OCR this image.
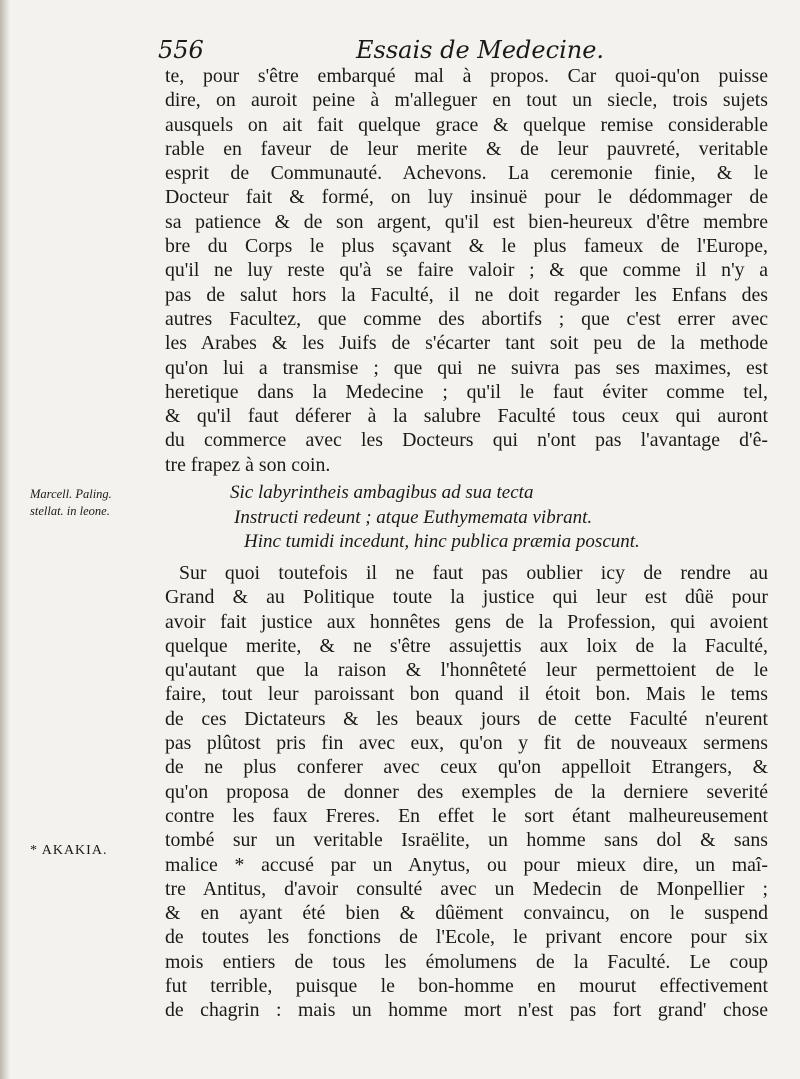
556	Essais de Medecine.
te, pour s'être embarqué mal à propos. Car quoi-qu'on puisse
dire, on auroit peine à m'alleguer en tout un siecle, trois sujets
ausquels on ait fait quelque grace & quelque remise considerable
rable en faveur de leur merite & de leur pauvreté, veritable
esprit de Communauté. Achevons. La ceremonie finie, & le
Docteur fait & formé, on luy insinuë pour le dédommager de
sa patience & de son argent, qu'il est bien-heureux d'être membre
bre du Corps le plus sçavant & le plus fameux de l'Europe,
qu'il ne luy reste qu'à se faire valoir ; & que comme il n'y a
pas de salut hors la Faculté, il ne doit regarder les Enfans des
autres Facultez, que comme des abortifs ; que c'est errer avec
les Arabes & les Juifs de s'écarter tant soit peu de la methode
qu'on lui a transmise ; que qui ne suivra pas ses maximes, est
heretique dans la Medecine ; qu'il le faut éviter comme tel,
& qu'il faut déferer à la salubre Faculté tous ceux qui auront
du commerce avec les Docteurs qui n'ont pas l'avantage d'ê-
tre frapez à son coin.
Marcell. Paling.
stellat. in leone.
Sic labyrintheis ambagibus ad sua tecta
Instructi redeunt ; atque Euthymemata vibrant.
Hinc tumidi incedunt, hinc publica præmia poscunt.
Sur quoi toutefois il ne faut pas oublier icy de rendre au
Grand & au Politique toute la justice qui leur est dûë pour
avoir fait justice aux honnêtes gens de la Profession, qui avoient
quelque merite, & ne s'être assujettis aux loix de la Faculté,
qu'autant que la raison & l'honnêteté leur permettoient de le
faire, tout leur paroissant bon quand il étoit bon. Mais le tems
de ces Dictateurs & les beaux jours de cette Faculté n'eurent
pas plûtost pris fin avec eux, qu'on y fit de nouveaux sermens
de ne plus conferer avec ceux qu'on appelloit Etrangers, &
qu'on proposa de donner des exemples de la derniere severité
contre les faux Freres. En effet le sort étant malheureusement
tombé sur un veritable Israëlite, un homme sans dol & sans
malice * accusé par un Anytus, ou pour mieux dire, un maî-
tre Antitus, d'avoir consulté avec un Medecin de Monpellier ;
& en ayant été bien & dûëment convaincu, on le suspend
de toutes les fonctions de l'Ecole, le privant encore pour six
mois entiers de tous les émolumens de la Faculté. Le coup
fut terrible, puisque le bon-homme en mourut effectivement
de chagrin : mais un homme mort n'est pas fort grand' chose
* AKAKIA.
